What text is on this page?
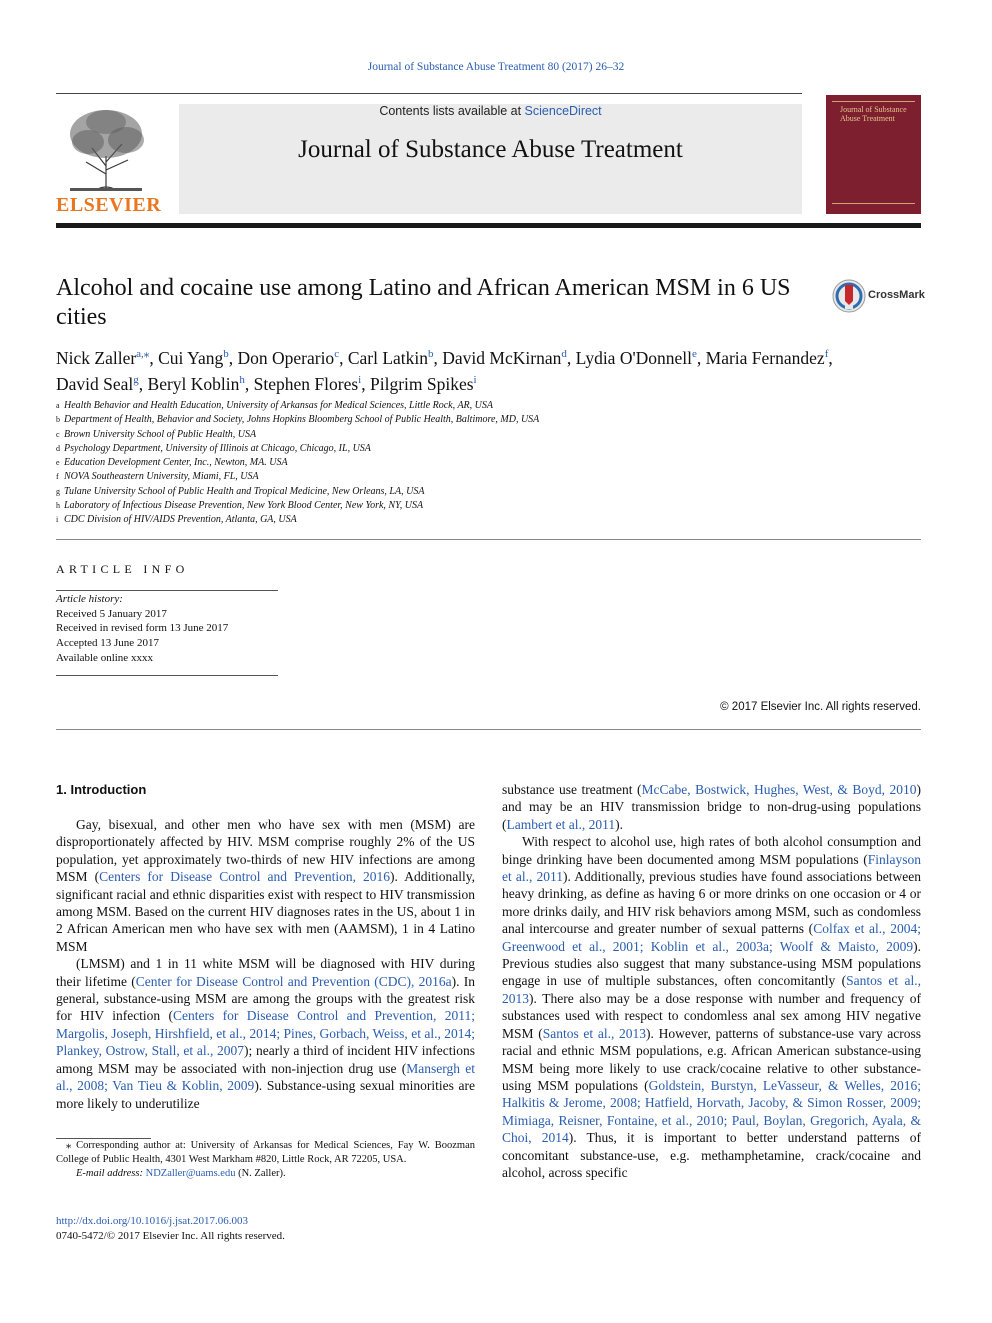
Journal of Substance Abuse Treatment 80 (2017) 26–32
ELSEVIER
Contents lists available at ScienceDirect
Journal of Substance Abuse Treatment
Journal of Substance Abuse Treatment
Alcohol and cocaine use among Latino and African American MSM in 6 US cities
CrossMark
Nick Zaller$^{a,⁎}$, Cui Yang$^b$, Don Operario$^c$, Carl Latkin$^b$, David McKirnan$^d$, Lydia O'Donnell$^e$, Maria Fernandez$^f$,
David Seal$^g$, Beryl Koblin$^h$, Stephen Flores$^i$, Pilgrim Spikes$^i$
a Health Behavior and Health Education, University of Arkansas for Medical Sciences, Little Rock, AR, USA
b Department of Health, Behavior and Society, Johns Hopkins Bloomberg School of Public Health, Baltimore, MD, USA
c Brown University School of Public Health, USA
d Psychology Department, University of Illinois at Chicago, Chicago, IL, USA
e Education Development Center, Inc., Newton, MA. USA
f NOVA Southeastern University, Miami, FL, USA
g Tulane University School of Public Health and Tropical Medicine, New Orleans, LA, USA
h Laboratory of Infectious Disease Prevention, New York Blood Center, New York, NY, USA
i CDC Division of HIV/AIDS Prevention, Atlanta, GA, USA
ARTICLE INFO
Article history:
Received 5 January 2017
Received in revised form 13 June 2017
Accepted 13 June 2017
Available online xxxx
© 2017 Elsevier Inc. All rights reserved.
1. Introduction

Gay, bisexual, and other men who have sex with men (MSM) are disproportionately affected by HIV. MSM comprise roughly 2% of the US population, yet approximately two-thirds of new HIV infections are among MSM (Centers for Disease Control and Prevention, 2016). Additionally, significant racial and ethnic disparities exist with respect to HIV transmission among MSM. Based on the current HIV diagnoses rates in the US, about 1 in 2 African American men who have sex with men (AAMSM), 1 in 4 Latino MSM

(LMSM) and 1 in 11 white MSM will be diagnosed with HIV during their lifetime (Center for Disease Control and Prevention (CDC), 2016a). In general, substance-using MSM are among the groups with the greatest risk for HIV infection (Centers for Disease Control and Prevention, 2011; Margolis, Joseph, Hirshfield, et al., 2014; Pines, Gorbach, Weiss, et al., 2014; Plankey, Ostrow, Stall, et al., 2007); nearly a third of incident HIV infections among MSM may be associated with non-injection drug use (Mansergh et al., 2008; Van Tieu & Koblin, 2009). Substance-using sexual minorities are more likely to underutilize

substance use treatment (McCabe, Bostwick, Hughes, West, & Boyd, 2010) and may be an HIV transmission bridge to non-drug-using populations (Lambert et al., 2011).

With respect to alcohol use, high rates of both alcohol consumption and binge drinking have been documented among MSM populations (Finlayson et al., 2011). Additionally, previous studies have found associations between heavy drinking, as define as having 6 or more drinks on one occasion or 4 or more drinks daily, and HIV risk behaviors among MSM, such as condomless anal intercourse and greater number of sexual patterns (Colfax et al., 2004; Greenwood et al., 2001; Koblin et al., 2003a; Woolf & Maisto, 2009). Previous studies also suggest that many substance-using MSM populations engage in use of multiple substances, often concomitantly (Santos et al., 2013). There also may be a dose response with number and frequency of substances used with respect to condomless anal sex among HIV negative MSM (Santos et al., 2013). However, patterns of substance-use vary across racial and ethnic MSM populations, e.g. African American substance-using MSM being more likely to use crack/cocaine relative to other substance-using MSM populations (Goldstein, Burstyn, LeVasseur, & Welles, 2016; Halkitis & Jerome, 2008; Hatfield, Horvath, Jacoby, & Simon Rosser, 2009; Mimiaga, Reisner, Fontaine, et al., 2010; Paul, Boylan, Gregorich, Ayala, & Choi, 2014). Thus, it is important to better understand patterns of concomitant substance-use, e.g. methamphetamine, crack/cocaine and alcohol, across specific

⁎ Corresponding author at: University of Arkansas for Medical Sciences, Fay W. Boozman College of Public Health, 4301 West Markham #820, Little Rock, AR 72205, USA.
E-mail address: NDZaller@uams.edu (N. Zaller).
http://dx.doi.org/10.1016/j.jsat.2017.06.003
0740-5472/© 2017 Elsevier Inc. All rights reserved.
